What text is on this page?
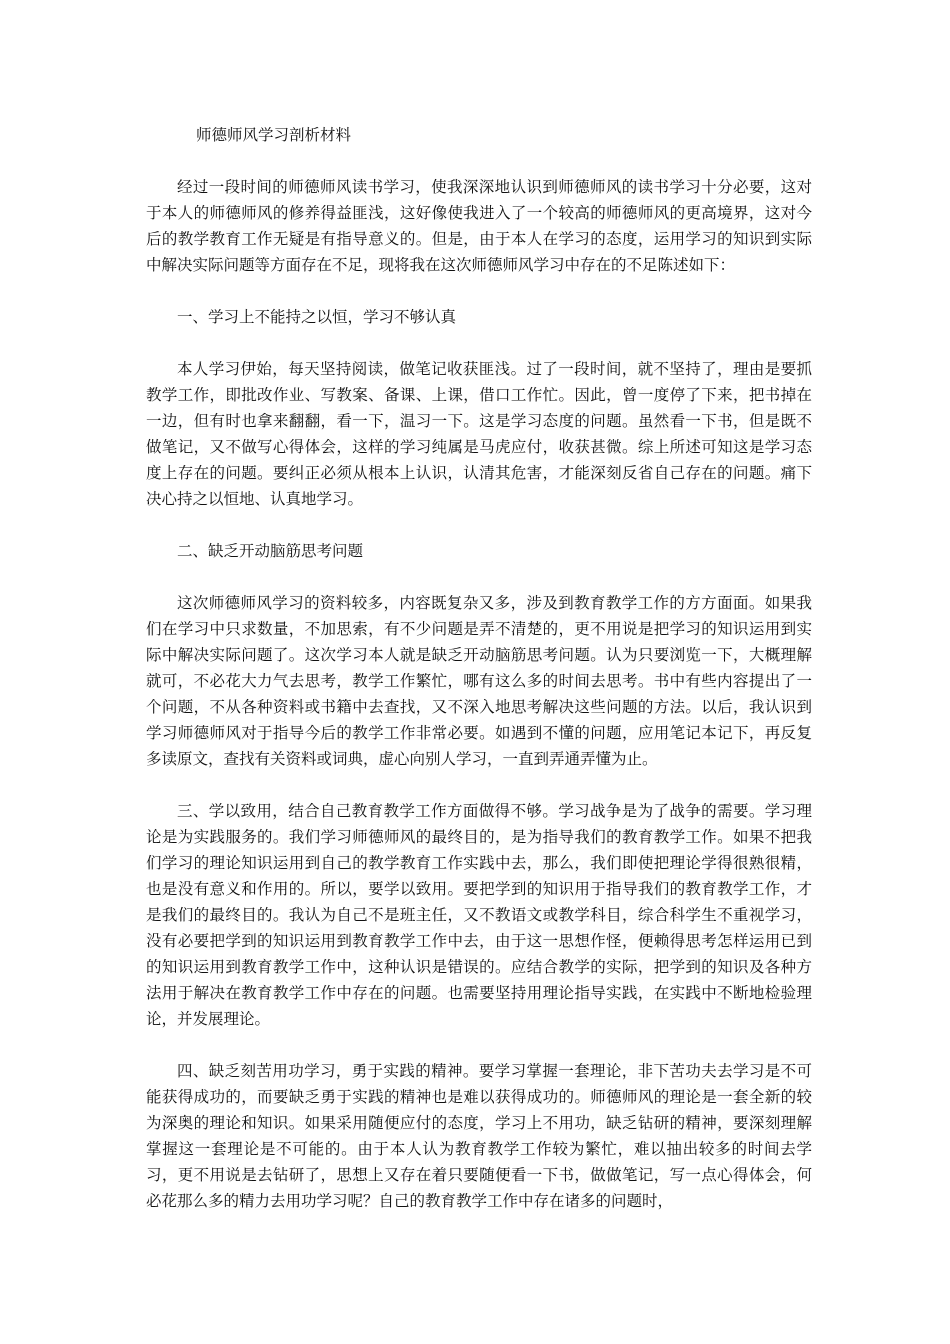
师德师风学习剖析材料

经过一段时间的师德师风读书学习，使我深深地认识到师德师风的读书学习十分必要，这对于本人的师德师风的修养得益匪浅，这好像使我进入了一个较高的师德师风的更高境界，这对今后的教学教育工作无疑是有指导意义的。但是，由于本人在学习的态度，运用学习的知识到实际中解决实际问题等方面存在不足，现将我在这次师德师风学习中存在的不足陈述如下：

一、学习上不能持之以恒，学习不够认真

本人学习伊始，每天坚持阅读，做笔记收获匪浅。过了一段时间，就不坚持了，理由是要抓教学工作，即批改作业、写教案、备课、上课，借口工作忙。因此，曾一度停了下来，把书掉在一边，但有时也拿来翻翻，看一下，温习一下。这是学习态度的问题。虽然看一下书，但是既不做笔记，又不做写心得体会，这样的学习纯属是马虎应付，收获甚微。综上所述可知这是学习态度上存在的问题。要纠正必须从根本上认识，认清其危害，才能深刻反省自己存在的问题。痛下决心持之以恒地、认真地学习。

二、缺乏开动脑筋思考问题

这次师德师风学习的资料较多，内容既复杂又多，涉及到教育教学工作的方方面面。如果我们在学习中只求数量，不加思索，有不少问题是弄不清楚的，更不用说是把学习的知识运用到实际中解决实际问题了。这次学习本人就是缺乏开动脑筋思考问题。认为只要浏览一下，大概理解就可，不必花大力气去思考，教学工作繁忙，哪有这么多的时间去思考。书中有些内容提出了一个问题，不从各种资料或书籍中去查找，又不深入地思考解决这些问题的方法。以后，我认识到学习师德师风对于指导今后的教学工作非常必要。如遇到不懂的问题，应用笔记本记下，再反复多读原文，查找有关资料或词典，虚心向别人学习，一直到弄通弄懂为止。

三、学以致用，结合自己教育教学工作方面做得不够。学习战争是为了战争的需要。学习理论是为实践服务的。我们学习师德师风的最终目的，是为指导我们的教育教学工作。如果不把我们学习的理论知识运用到自己的教学教育工作实践中去，那么，我们即使把理论学得很熟很精，也是没有意义和作用的。所以，要学以致用。要把学到的知识用于指导我们的教育教学工作，才是我们的最终目的。我认为自己不是班主任，又不教语文或教学科目，综合科学生不重视学习，没有必要把学到的知识运用到教育教学工作中去，由于这一思想作怪，便赖得思考怎样运用已到的知识运用到教育教学工作中，这种认识是错误的。应结合教学的实际，把学到的知识及各种方法用于解决在教育教学工作中存在的问题。也需要坚持用理论指导实践，在实践中不断地检验理论，并发展理论。

四、缺乏刻苦用功学习，勇于实践的精神。要学习掌握一套理论，非下苦功夫去学习是不可能获得成功的，而要缺乏勇于实践的精神也是难以获得成功的。师德师风的理论是一套全新的较为深奥的理论和知识。如果采用随便应付的态度，学习上不用功，缺乏钻研的精神，要深刻理解掌握这一套理论是不可能的。由于本人认为教育教学工作较为繁忙，难以抽出较多的时间去学习，更不用说是去钻研了，思想上又存在着只要随便看一下书，做做笔记，写一点心得体会，何必花那么多的精力去用功学习呢？自己的教育教学工作中存在诸多的问题时，
